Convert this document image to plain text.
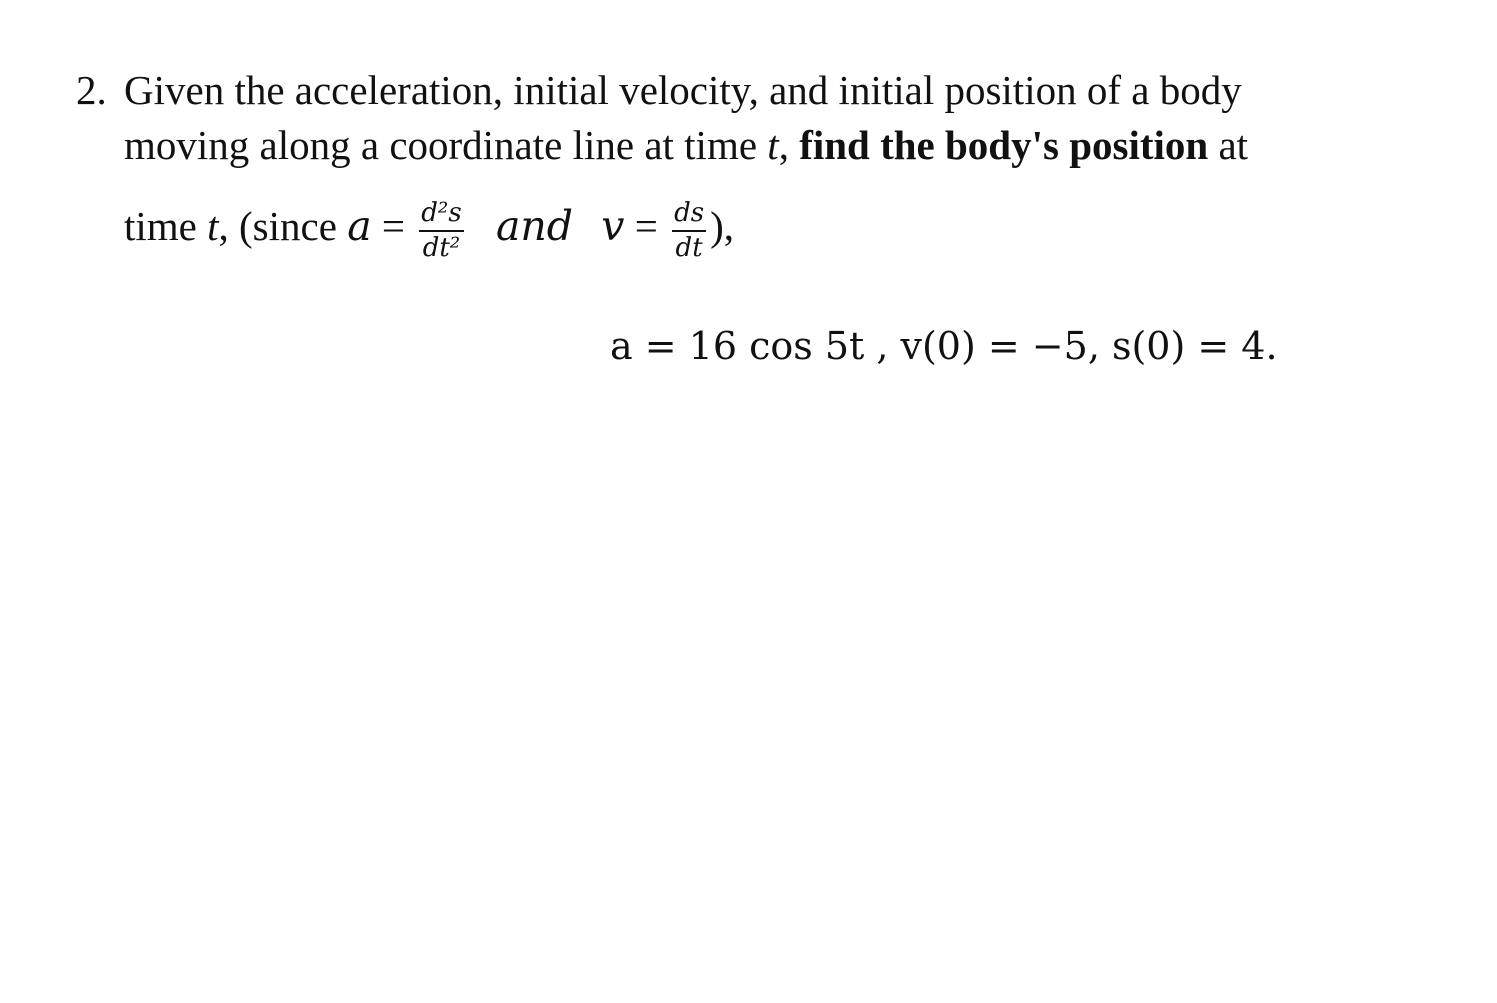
2. Given the acceleration, initial velocity, and initial position of a body
moving along a coordinate line at time t, find the body's position at
time t, (since $a = \frac{\text{d²s}}{\text{dt²}}$ and $v = \frac{ds}{dt}$ ),
a = 16 cos 5t , v(0) = −5, s(0) = 4.
